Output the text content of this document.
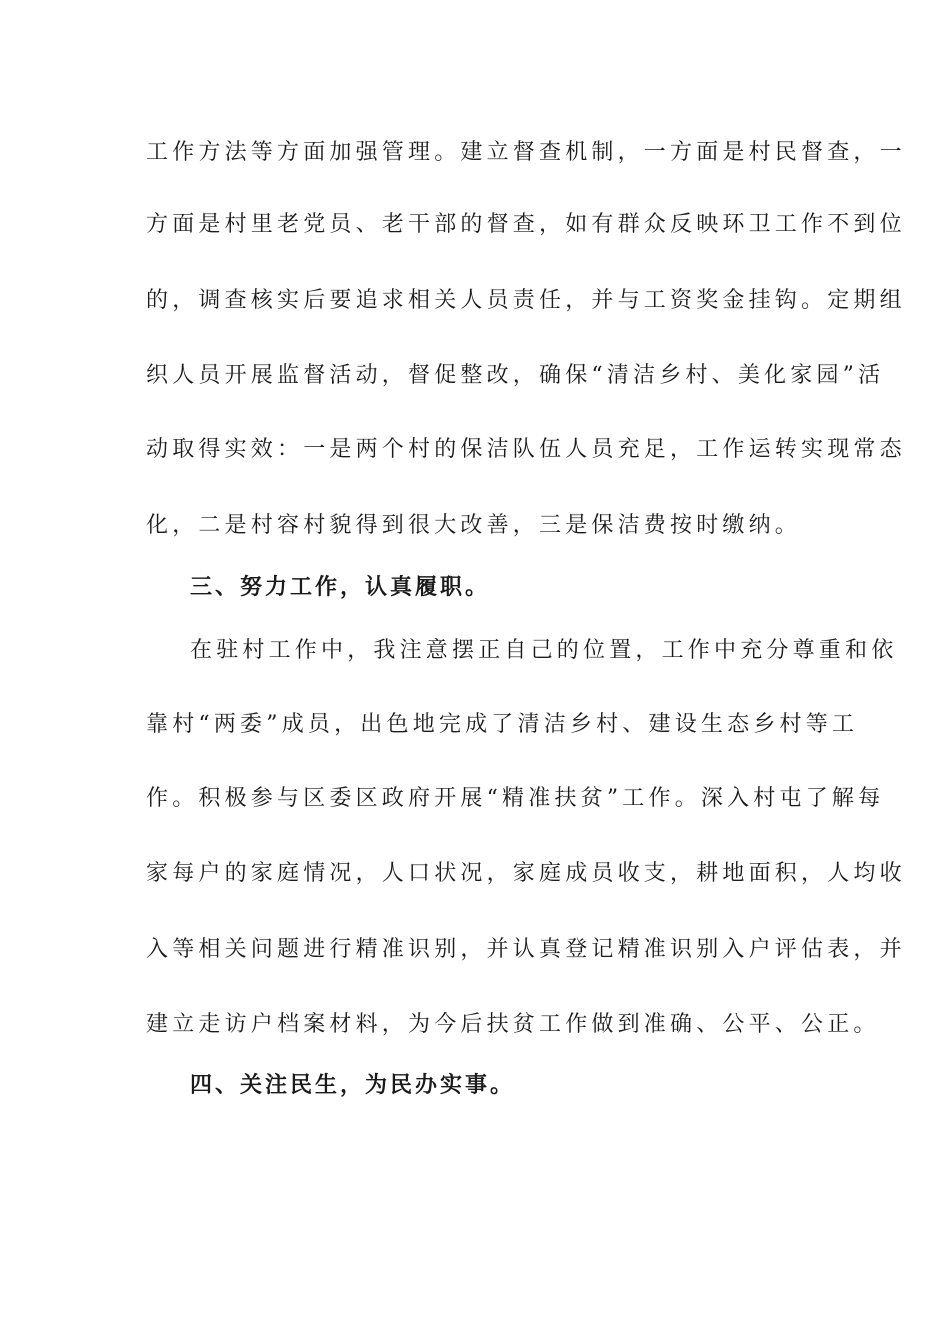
工作方法等方面加强管理。建立督查机制，一方面是村民督查，一
方面是村里老党员、老干部的督查，如有群众反映环卫工作不到位
的，调查核实后要追求相关人员责任，并与工资奖金挂钩。定期组
织人员开展监督活动，督促整改，确保“清洁乡村、美化家园”活
动取得实效：一是两个村的保洁队伍人员充足，工作运转实现常态
化，二是村容村貌得到很大改善，三是保洁费按时缴纳。
三、努力工作，认真履职。
在驻村工作中，我注意摆正自己的位置，工作中充分尊重和依
靠村“两委”成员，出色地完成了清洁乡村、建设生态乡村等工
作。积极参与区委区政府开展“精准扶贫”工作。深入村屯了解每
家每户的家庭情况，人口状况，家庭成员收支，耕地面积，人均收
入等相关问题进行精准识别，并认真登记精准识别入户评估表，并
建立走访户档案材料，为今后扶贫工作做到准确、公平、公正。
四、关注民生，为民办实事。
